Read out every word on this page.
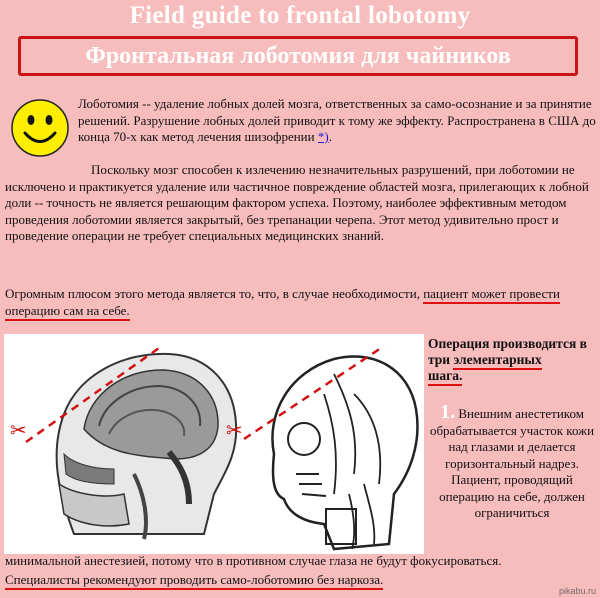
Field guide to frontal lobotomy
Фронтальная лоботомия для чайников

Лоботомия -- удаление лобных долей мозга, ответственных за само-осознание и за принятие решений. Разрушение лобных долей приводит к тому же эффекту. Распространена в США до конца 70-х как метод лечения шизофрении *).

Поскольку мозг способен к излечению незначительных разрушений, при лоботомии не исключено и практикуется удаление или частичное повреждение областей мозга, прилегающих к лобной доли -- точность не является решающим фактором успеха. Поэтому, наиболее эффективным методом проведения лоботомии является закрытый, без трепанации черепа. Этот метод удивительно прост и проведение операции не требует специальных медицинских знаний.

Огромным плюсом этого метода является то, что, в случае необходимости, пациент может провести операцию сам на себе.

✂	✂

Операция производится в три элементарных
шага.

1. Внешним анестетиком обрабатывается участок кожи над глазами и делается горизонтальный надрез. Пациент, проводящий операцию на себе, должен ограничиться

минимальной анестезией, потому что в противном случае глаза не будут фокусироваться.

Специалисты рекомендуют проводить само-лоботомию без наркоза.

pikabu.ru
